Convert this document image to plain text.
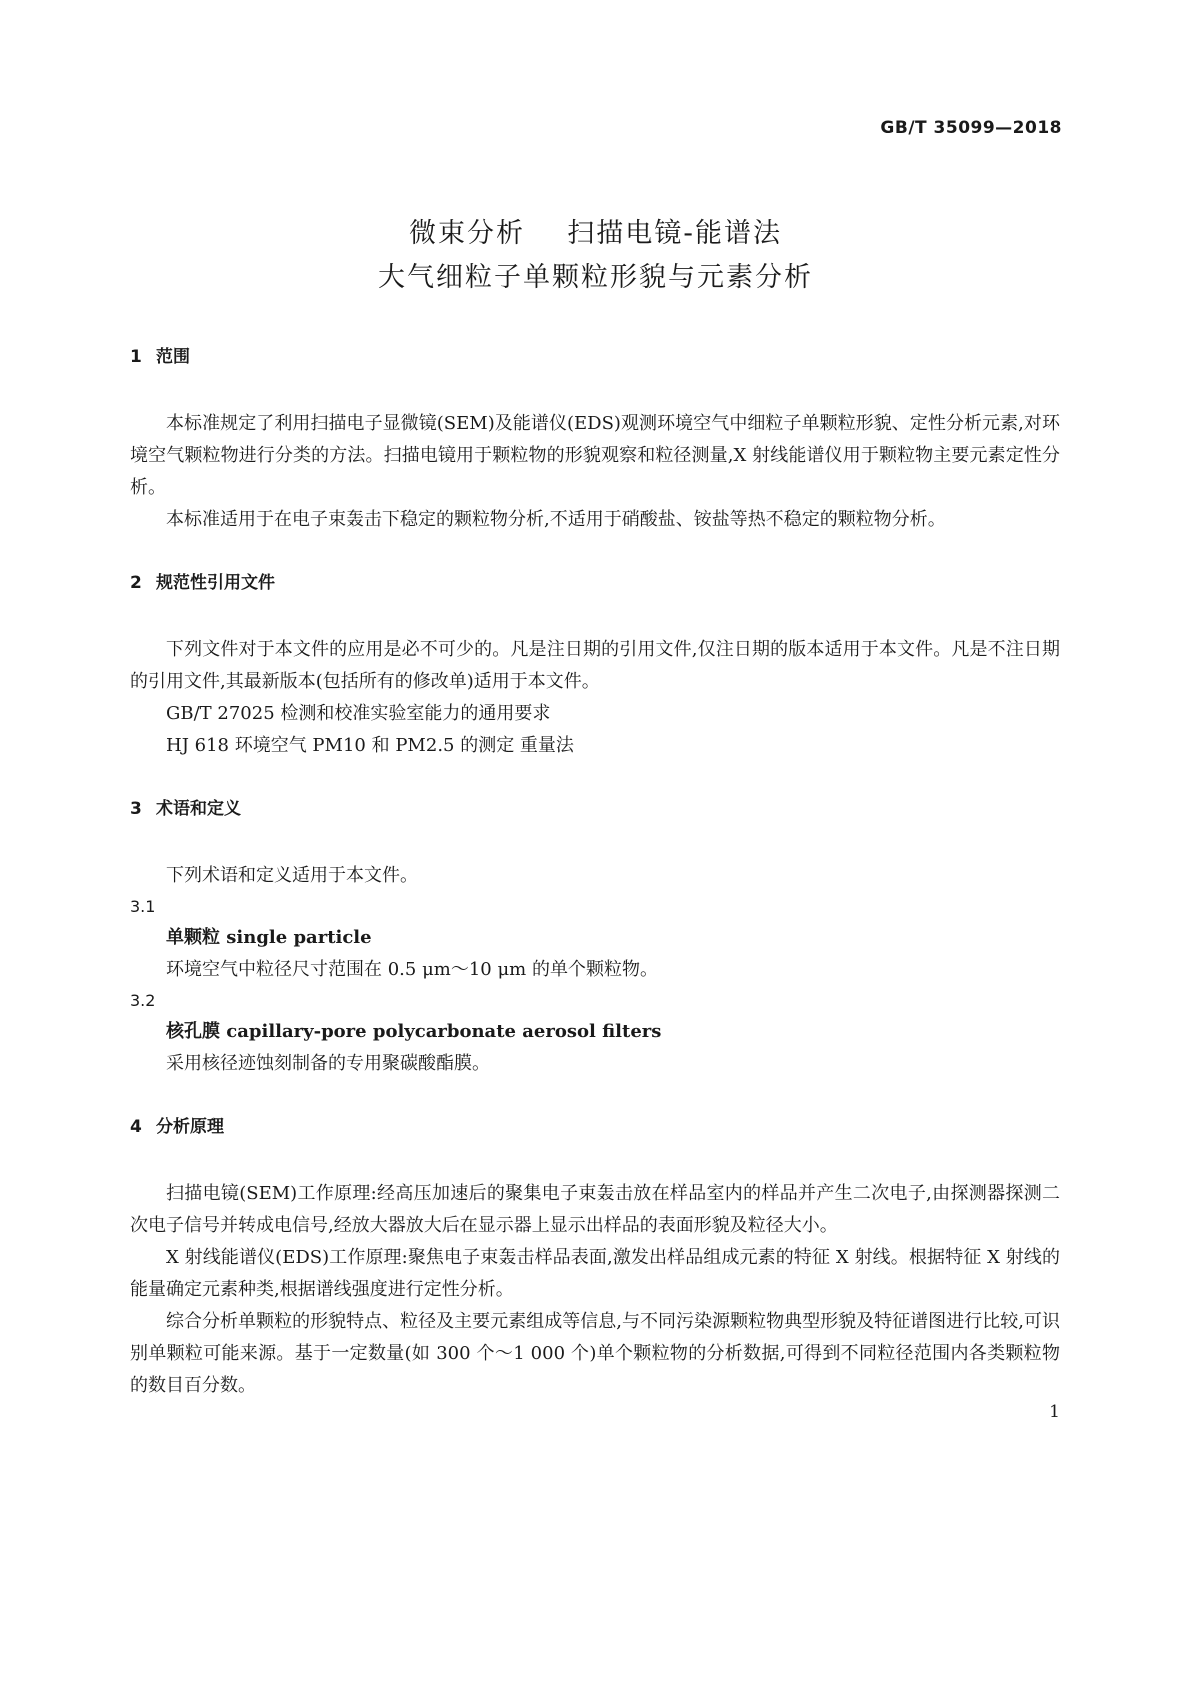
GB/T 35099—2018
微束分析    扫描电镜-能谱法
大气细粒子单颗粒形貌与元素分析
1 范围
本标准规定了利用扫描电子显微镜(SEM)及能谱仪(EDS)观测环境空气中细粒子单颗粒形貌、定性分析元素,对环境空气颗粒物进行分类的方法。扫描电镜用于颗粒物的形貌观察和粒径测量,X 射线能谱仪用于颗粒物主要元素定性分析。
本标准适用于在电子束轰击下稳定的颗粒物分析,不适用于硝酸盐、铵盐等热不稳定的颗粒物分析。
2 规范性引用文件
下列文件对于本文件的应用是必不可少的。凡是注日期的引用文件,仅注日期的版本适用于本文件。凡是不注日期的引用文件,其最新版本(包括所有的修改单)适用于本文件。
GB/T 27025 检测和校准实验室能力的通用要求
HJ 618 环境空气 PM10 和 PM2.5 的测定 重量法
3 术语和定义
下列术语和定义适用于本文件。
3.1
单颗粒 single particle
环境空气中粒径尺寸范围在 0.5 μm～10 μm 的单个颗粒物。
3.2
核孔膜 capillary-pore polycarbonate aerosol filters
采用核径迹蚀刻制备的专用聚碳酸酯膜。
4 分析原理
扫描电镜(SEM)工作原理:经高压加速后的聚集电子束轰击放在样品室内的样品并产生二次电子,由探测器探测二次电子信号并转成电信号,经放大器放大后在显示器上显示出样品的表面形貌及粒径大小。
X 射线能谱仪(EDS)工作原理:聚焦电子束轰击样品表面,激发出样品组成元素的特征 X 射线。根据特征 X 射线的能量确定元素种类,根据谱线强度进行定性分析。
综合分析单颗粒的形貌特点、粒径及主要元素组成等信息,与不同污染源颗粒物典型形貌及特征谱图进行比较,可识别单颗粒可能来源。基于一定数量(如 300 个～1 000 个)单个颗粒物的分析数据,可得到不同粒径范围内各类颗粒物的数目百分数。
1
